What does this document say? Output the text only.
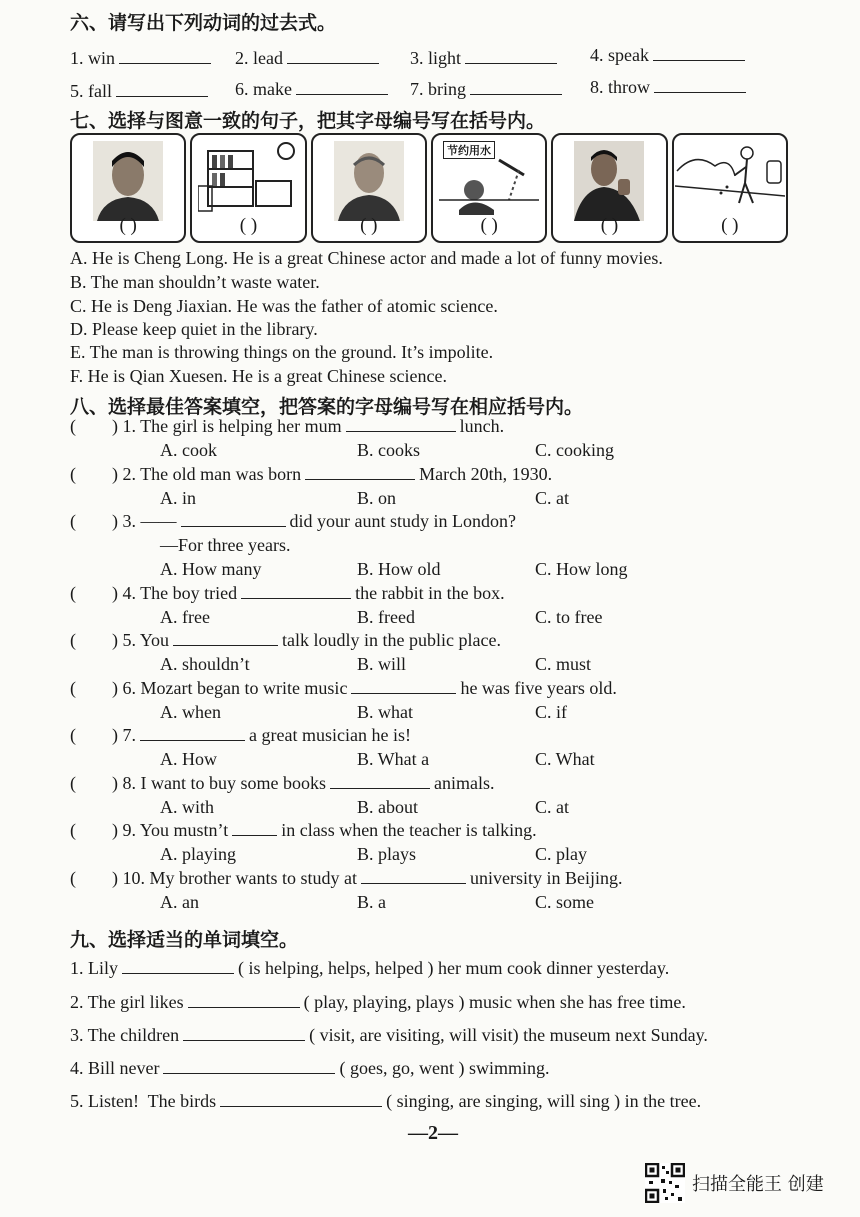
六、请写出下列动词的过去式。
1. win	2. lead	3. light	4. speak
5. fall	6. make	7. bring	8. throw
七、选择与图意一致的句子，把其字母编号写在括号内。
( )	( )	( )
节约用水
( )	( )	( )
A. He is Cheng Long. He is a great Chinese actor and made a lot of funny movies.
B. The man shouldn’t waste water.
C. He is Deng Jiaxian. He was the father of atomic science.
D. Please keep quiet in the library.
E. The man is throwing things on the ground. It’s impolite.
F. He is Qian Xuesen. He is a great Chinese science.
八、选择最佳答案填空，把答案的字母编号写在相应括号内。
(        ) 1. The girl is helping her mum	lunch.
A. cook	B. cooks	C. cooking
(        ) 2. The old man was born	March 20th, 1930.
A. in	B. on	C. at
(        ) 3. ——	did your aunt study in London?
—For three years.
A. How many	B. How old	C. How long
(        ) 4. The boy tried	the rabbit in the box.
A. free	B. freed	C. to free
(        ) 5. You	talk loudly in the public place.
A. shouldn’t	B. will	C. must
(        ) 6. Mozart began to write music	he was five years old.
A. when	B. what	C. if
(        ) 7.	a great musician he is!
A. How	B. What a	C. What
(        ) 8. I want to buy some books	animals.
A. with	B. about	C. at
(        ) 9. You mustn’t	in class when the teacher is talking.
A. playing	B. plays	C. play
(        ) 10. My brother wants to study at	university in Beijing.
A. an	B. a	C. some
九、选择适当的单词填空。
1. Lily	( is helping, helps, helped ) her mum cook dinner yesterday.
2. The girl likes	( play, playing, plays ) music when she has free time.
3. The children	( visit, are visiting, will visit) the museum next Sunday.
4. Bill never	( goes, go, went ) swimming.
5. Listen!  The birds	( singing, are singing, will sing ) in the tree.
—2—
扫描全能王 创建
